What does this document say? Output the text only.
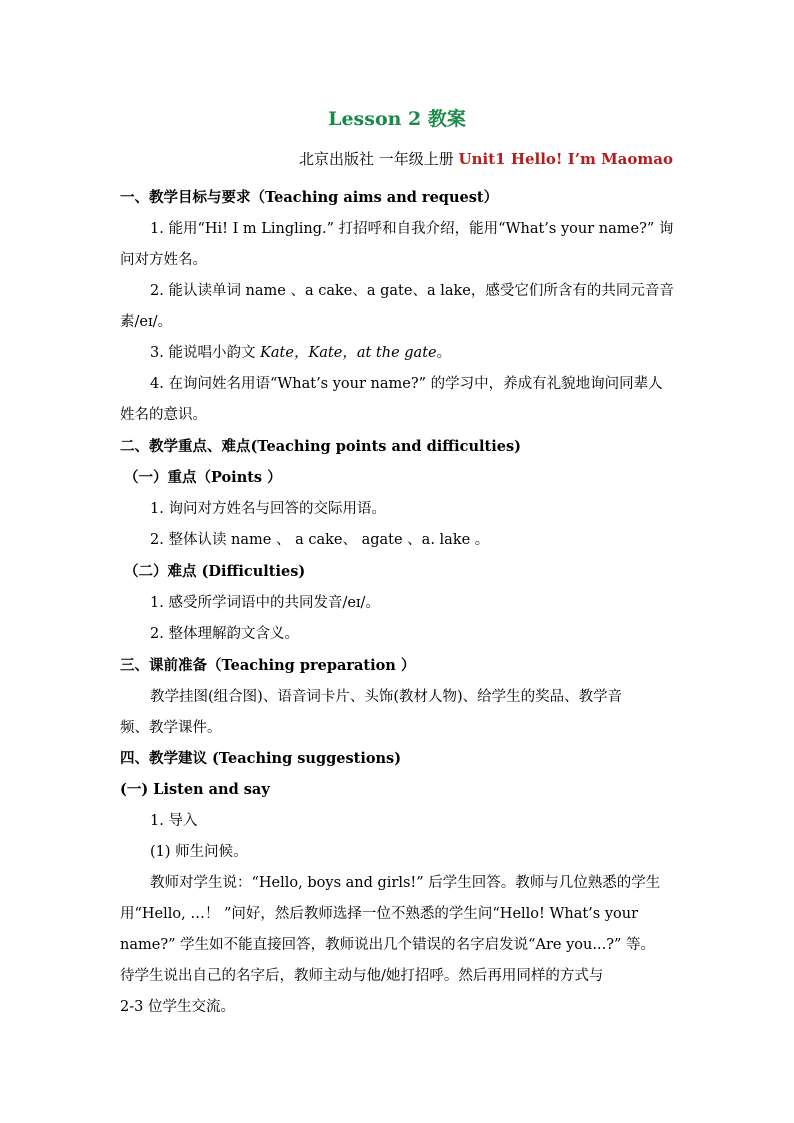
Lesson 2 教案
北京出版社 一年级上册 Unit1 Hello! I’m Maomao
一、教学目标与要求（Teaching aims and request）
1. 能用“Hi! I m Lingling.” 打招呼和自我介绍，能用“What’s your name?” 询
问对方姓名。
2. 能认读单词 name 、a cake、a gate、a lake，感受它们所含有的共同元音音
素/eɪ/。
3. 能说唱小韵文 Kate，Kate，at the gate。
4. 在询问姓名用语“What’s your name?” 的学习中，养成有礼貌地询问同辈人
姓名的意识。
二、教学重点、难点(Teaching points and difficulties)
（一）重点（Points ）
1. 询问对方姓名与回答的交际用语。
2. 整体认读 name 、 a cake、 agate 、a. lake 。
（二）难点 (Difficulties)
1. 感受所学词语中的共同发音/eɪ/。
2. 整体理解韵文含义。
三、课前准备（Teaching preparation ）
教学挂图(组合图)、语音词卡片、头饰(教材人物)、给学生的奖品、教学音
频、教学课件。
四、教学建议 (Teaching suggestions)
(一) Listen and say
1. 导入
(1) 师生问候。
教师对学生说：“Hello, boys and girls!” 后学生回答。教师与几位熟悉的学生
用“Hello, …！ ”问好，然后教师选择一位不熟悉的学生问“Hello! What’s your
name?” 学生如不能直接回答，教师说出几个错误的名字启发说“Are you...?” 等。
待学生说出自己的名字后，教师主动与他/她打招呼。然后再用同样的方式与
2-3 位学生交流。
